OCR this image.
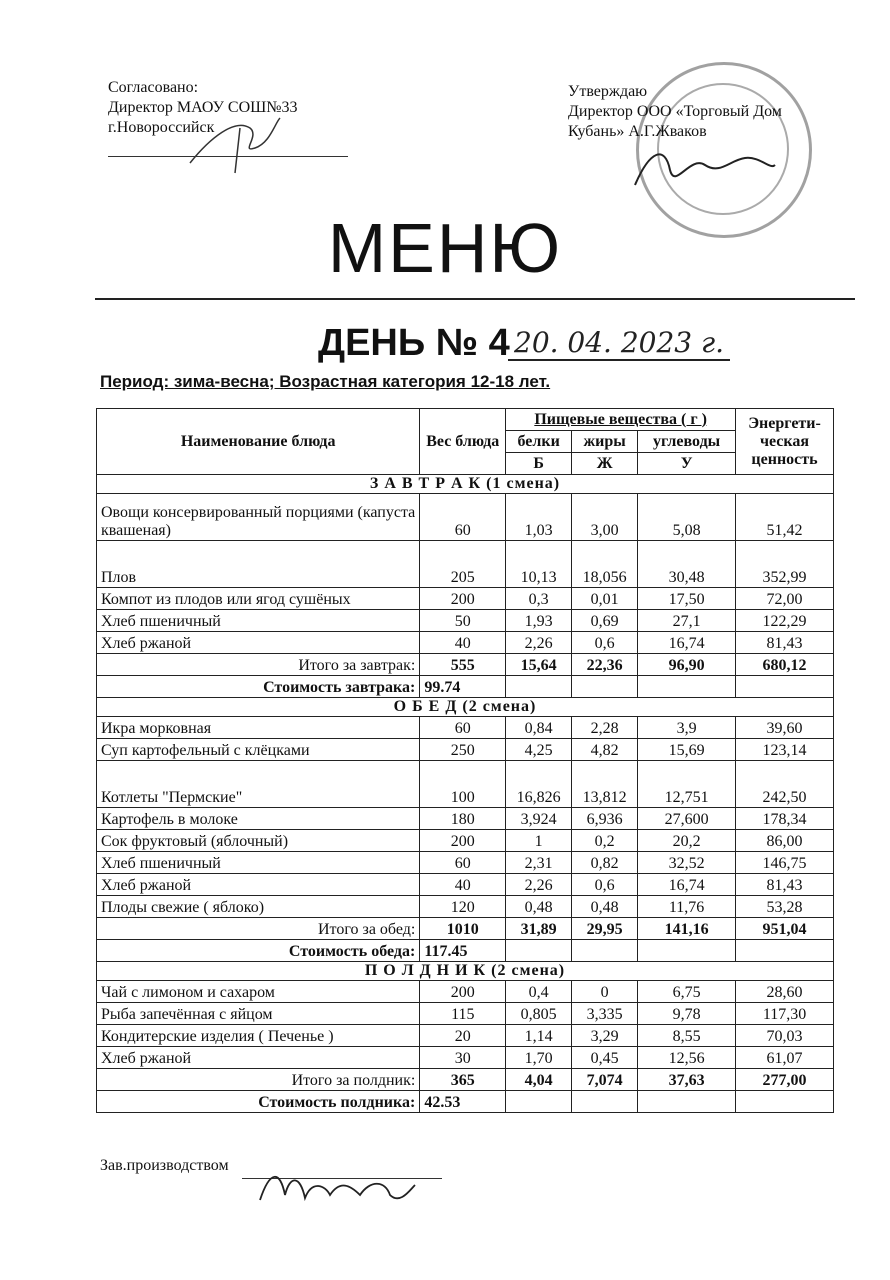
Согласовано:
Директор МАОУ СОШ№33
г.Новороссийск
Утверждаю
Директор ООО «Торговый Дом
Кубань» А.Г.Жваков
МЕНЮ
ДЕНЬ № 4 20. 04. 2023 г.
Период: зима-весна; Возрастная категория 12-18 лет.
Наименование блюда	Вес блюда	Пищевые вещества ( г )			Энергети-ческая ценность
		белки	жиры	углеводы	
		Б	Ж	У	
З А В Т Р А К (1 смена)					
Овощи консервированный порциями (капуста квашеная)	60	1,03	3,00	5,08	51,42
Плов	205	10,13	18,056	30,48	352,99
Компот из плодов или ягод сушёных	200	0,3	0,01	17,50	72,00
Хлеб пшеничный	50	1,93	0,69	27,1	122,29
Хлеб ржаной	40	2,26	0,6	16,74	81,43
Итого за завтрак:	555	15,64	22,36	96,90	680,12
Стоимость завтрака:	99.74				
О Б Е Д (2 смена)					
Икра морковная	60	0,84	2,28	3,9	39,60
Суп картофельный с клёцками	250	4,25	4,82	15,69	123,14
Котлеты "Пермские"	100	16,826	13,812	12,751	242,50
Картофель в молоке	180	3,924	6,936	27,600	178,34
Сок фруктовый (яблочный)	200	1	0,2	20,2	86,00
Хлеб пшеничный	60	2,31	0,82	32,52	146,75
Хлеб ржаной	40	2,26	0,6	16,74	81,43
Плоды свежие ( яблоко)	120	0,48	0,48	11,76	53,28
Итого за обед:	1010	31,89	29,95	141,16	951,04
Стоимость обеда:	117.45				
П О Л Д Н И К (2 смена)					
Чай с лимоном и сахаром	200	0,4	0	6,75	28,60
Рыба запечённая с яйцом	115	0,805	3,335	9,78	117,30
Кондитерские изделия ( Печенье )	20	1,14	3,29	8,55	70,03
Хлеб ржаной	30	1,70	0,45	12,56	61,07
Итого за полдник:	365	4,04	7,074	37,63	277,00
Стоимость полдника:	42.53				
Зав.производством
